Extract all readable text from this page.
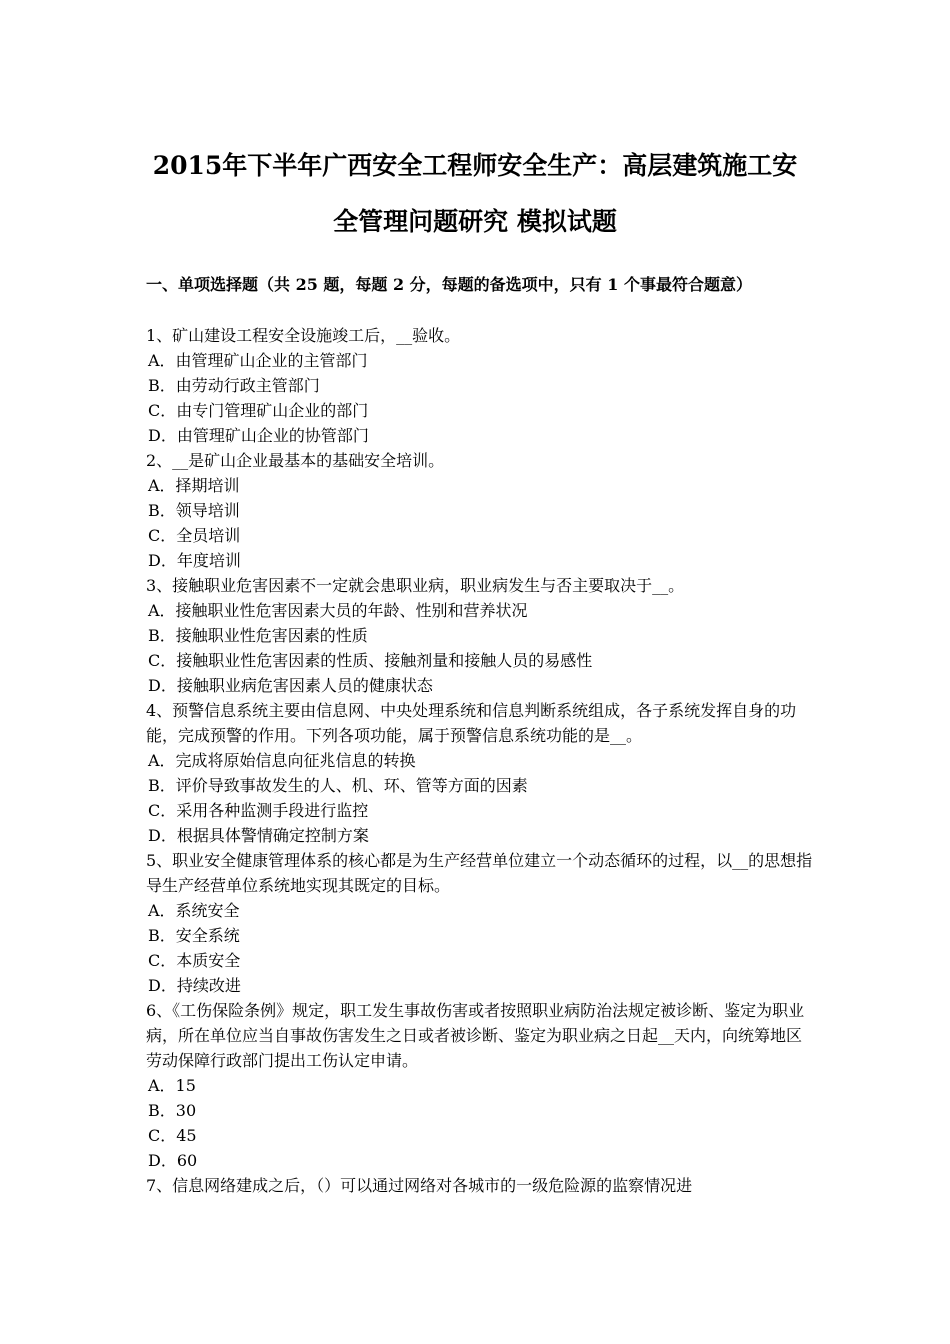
2015年下半年广西安全工程师安全生产：高层建筑施工安
全管理问题研究 模拟试题
一、单项选择题（共 25 题，每题 2 分，每题的备选项中，只有 1 个事最符合题意）
1、矿山建设工程安全设施竣工后，__验收。
A．由管理矿山企业的主管部门
B．由劳动行政主管部门
C．由专门管理矿山企业的部门
D．由管理矿山企业的协管部门
2、__是矿山企业最基本的基础安全培训。
A．择期培训
B．领导培训
C．全员培训
D．年度培训
3、接触职业危害因素不一定就会患职业病，职业病发生与否主要取决于__。
A．接触职业性危害因素大员的年龄、性别和营养状况
B．接触职业性危害因素的性质
C．接触职业性危害因素的性质、接触剂量和接触人员的易感性
D．接触职业病危害因素人员的健康状态
4、预警信息系统主要由信息网、中央处理系统和信息判断系统组成，各子系统发挥自身的功能，完成预警的作用。下列各项功能，属于预警信息系统功能的是__。
A．完成将原始信息向征兆信息的转换
B．评价导致事故发生的人、机、环、管等方面的因素
C．采用各种监测手段进行监控
D．根据具体警情确定控制方案
5、职业安全健康管理体系的核心都是为生产经营单位建立一个动态循环的过程，以__的思想指导生产经营单位系统地实现其既定的目标。
A．系统安全
B．安全系统
C．本质安全
D．持续改进
6、《工伤保险条例》规定，职工发生事故伤害或者按照职业病防治法规定被诊断、鉴定为职业病，所在单位应当自事故伤害发生之日或者被诊断、鉴定为职业病之日起__天内，向统筹地区劳动保障行政部门提出工伤认定申请。
A．15
B．30
C．45
D．60
7、信息网络建成之后，（）可以通过网络对各城市的一级危险源的监察情况进
